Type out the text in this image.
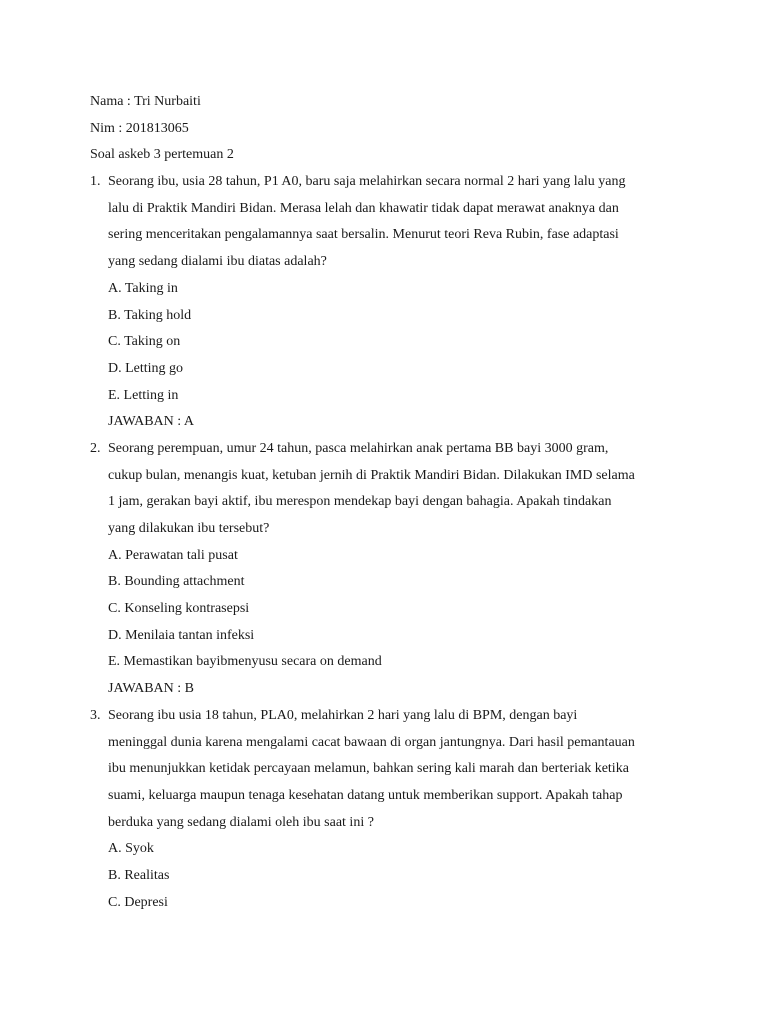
Nama : Tri Nurbaiti
Nim : 201813065
Soal askeb 3 pertemuan 2
1. Seorang ibu, usia 28 tahun, P1 A0, baru saja melahirkan secara normal 2 hari yang lalu yang
lalu di Praktik Mandiri Bidan. Merasa lelah dan khawatir tidak dapat merawat anaknya dan
sering menceritakan pengalamannya saat bersalin. Menurut teori Reva Rubin, fase adaptasi
yang sedang dialami ibu diatas adalah?
A. Taking in
B. Taking hold
C. Taking on
D. Letting go
E. Letting in
JAWABAN : A
2. Seorang perempuan, umur 24 tahun, pasca melahirkan anak pertama BB bayi 3000 gram,
cukup bulan, menangis kuat, ketuban jernih di Praktik Mandiri Bidan. Dilakukan IMD selama
1 jam, gerakan bayi aktif, ibu merespon mendekap bayi dengan bahagia. Apakah tindakan
yang dilakukan ibu tersebut?
A. Perawatan tali pusat
B. Bounding attachment
C. Konseling kontrasepsi
D. Menilaia tantan infeksi
E. Memastikan bayibmenyusu secara on demand
JAWABAN : B
3. Seorang ibu usia 18 tahun, PLA0, melahirkan 2 hari yang lalu di BPM, dengan bayi
meninggal dunia karena mengalami cacat bawaan di organ jantungnya. Dari hasil pemantauan
ibu menunjukkan ketidak percayaan melamun, bahkan sering kali marah dan berteriak ketika
suami, keluarga maupun tenaga kesehatan datang untuk memberikan support. Apakah tahap
berduka yang sedang dialami oleh ibu saat ini ?
A. Syok
B. Realitas
C. Depresi
